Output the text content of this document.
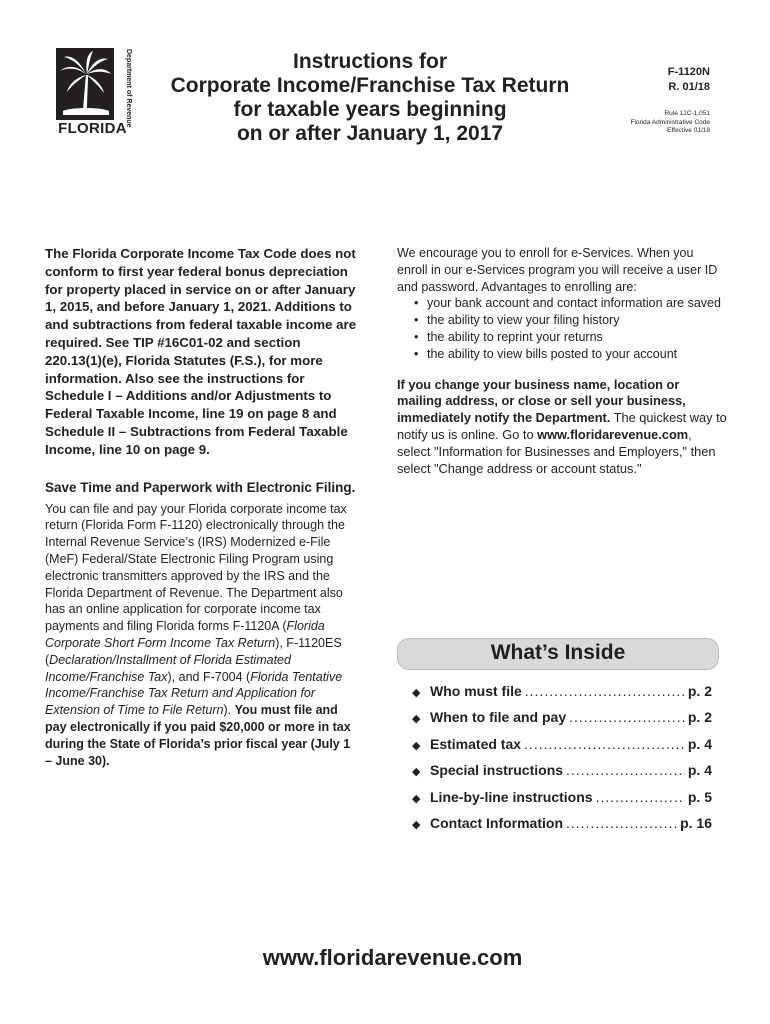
Department of Revenue
FLORIDA
Instructions for
Corporate Income/Franchise Tax Return
for taxable years beginning
on or after January 1, 2017
F-1120N
R. 01/18
Rule 12C-1.051
Florida Administrative Code
Effective 01/18
The Florida Corporate Income Tax Code does not conform to first year federal bonus depreciation for property placed in service on or after January 1, 2015, and before January 1, 2021. Additions to and subtractions from federal taxable income are required. See TIP #16C01-02 and section 220.13(1)(e), Florida Statutes (F.S.), for more information. Also see the instructions for Schedule I – Additions and/or Adjustments to Federal Taxable Income, line 19 on page 8 and Schedule II – Subtractions from Federal Taxable Income, line 10 on page 9.
Save Time and Paperwork with Electronic Filing.
You can file and pay your Florida corporate income tax return (Florida Form F-1120) electronically through the Internal Revenue Service’s (IRS) Modernized e-File (MeF) Federal/State Electronic Filing Program using electronic transmitters approved by the IRS and the Florida Department of Revenue. The Department also has an online application for corporate income tax payments and filing Florida forms F-1120A (Florida Corporate Short Form Income Tax Return), F-1120ES (Declaration/Installment of Florida Estimated Income/Franchise Tax), and F-7004 (Florida Tentative Income/Franchise Tax Return and Application for Extension of Time to File Return). You must file and pay electronically if you paid $20,000 or more in tax during the State of Florida’s prior fiscal year (July 1 – June 30).
We encourage you to enroll for e-Services. When you enroll in our e-Services program you will receive a user ID and password. Advantages to enrolling are:
• your bank account and contact information are saved
• the ability to view your filing history
• the ability to reprint your returns
• the ability to view bills posted to your account
If you change your business name, location or mailing address, or close or sell your business, immediately notify the Department. The quickest way to notify us is online. Go to www.floridarevenue.com, select "Information for Businesses and Employers," then select "Change address or account status."
What’s Inside
◆ Who must file .....	p. 2
◆ When to file and pay .....	p. 2
◆ Estimated tax .....	p. 4
◆ Special instructions .....	p. 4
◆ Line-by-line instructions .....	p. 5
◆ Contact Information .....	p. 16
www.floridarevenue.com
